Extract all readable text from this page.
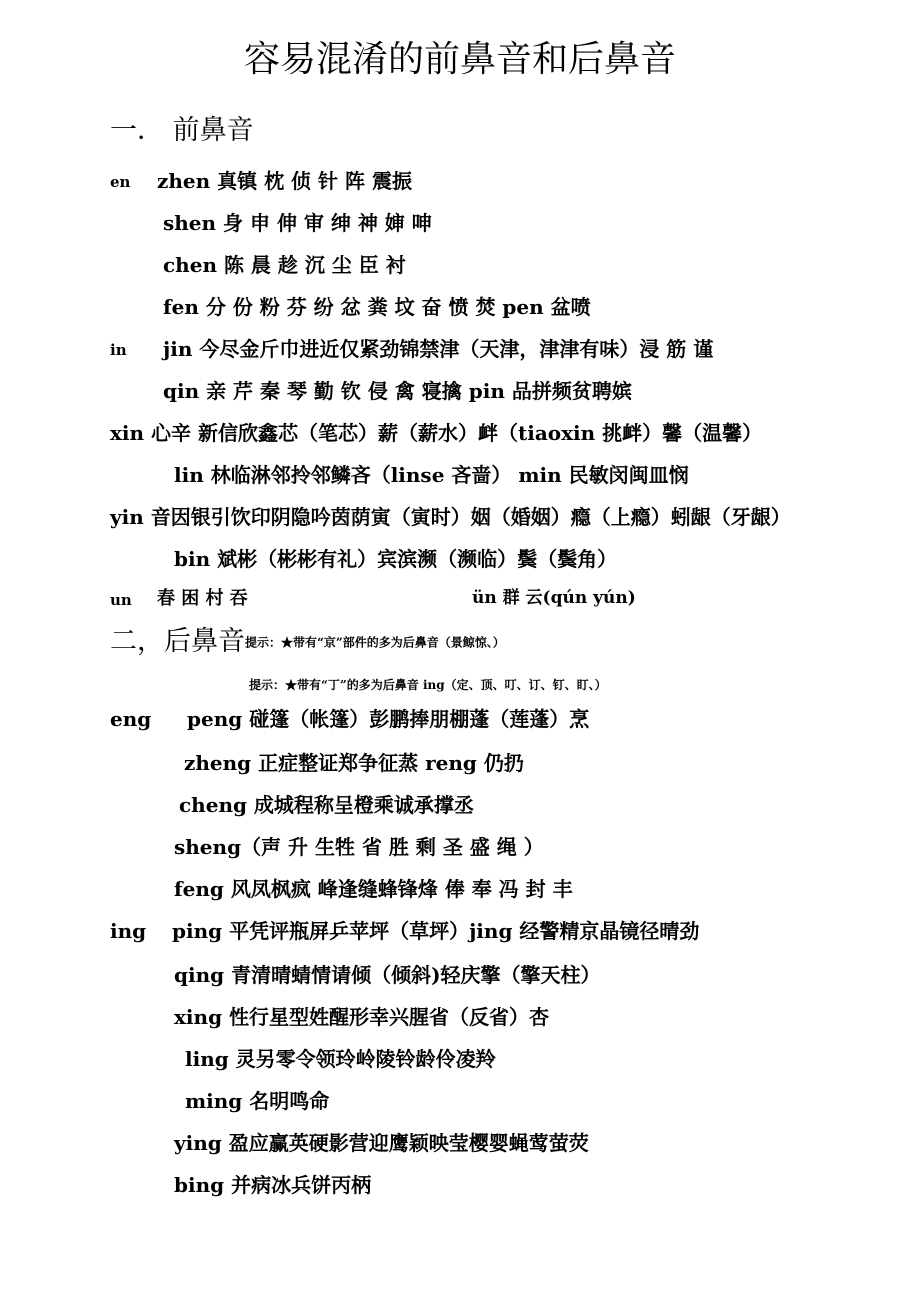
容易混淆的前鼻音和后鼻音
一． 前鼻音
en zhen 真镇 枕 侦 针 阵 震振
shen 身 申 伸 审 绅 神 婶 呻
chen 陈 晨 趁 沉 尘 臣 衬
fen 分 份 粉 芬 纷 忿 粪 坟 奋 愤 焚 pen 盆喷
in jin 今尽金斤巾进近仅紧劲锦禁津（天津，津津有味）浸 筋 谨
qin 亲 芹 秦 琴 勤 钦 侵 禽 寝擒 pin 品拼频贫聘嫔
xin 心辛 新信欣鑫芯（笔芯）薪（薪水）衅（tiaoxin 挑衅）馨（温馨）
lin 林临淋邻拎邻鳞吝（linse 吝啬） min 民敏闵闽皿悯
yin 音因银引饮印阴隐吟茵荫寅（寅时）姻（婚姻）瘾（上瘾）蚓龈（牙龈）
bin 斌彬（彬彬有礼）宾滨濒（濒临）鬓（鬓角）
un 春 困 村 吞	ün 群 云(qún yún)
二，后鼻音提示：★带有“京”部件的多为后鼻音（景鲸惊、）
提示：★带有“丁”的多为后鼻音 ing（定、顶、叮、订、钉、盯、）
eng peng 碰篷（帐篷）彭鹏捧朋棚蓬（莲蓬）烹
zheng 正症整证郑争征蒸 reng 仍扔
cheng 成城程称呈橙乘诚承撑丞
sheng（声 升 生牲 省 胜 剩 圣 盛 绳 ）
feng 风凤枫疯 峰逢缝蜂锋烽 俸 奉 冯 封 丰
ing ping 平凭评瓶屏乒苹坪（草坪）jing 经警精京晶镜径晴劲
qing 青清晴蜻情请倾（倾斜)轻庆擎（擎天柱）
xing 性行星型姓醒形幸兴腥省（反省）杏
ling 灵另零令领玲岭陵铃龄伶凌羚
ming 名明鸣命
ying 盈应赢英硬影营迎鹰颖映莹樱婴蝇莺萤荧
bing 并病冰兵饼丙柄
